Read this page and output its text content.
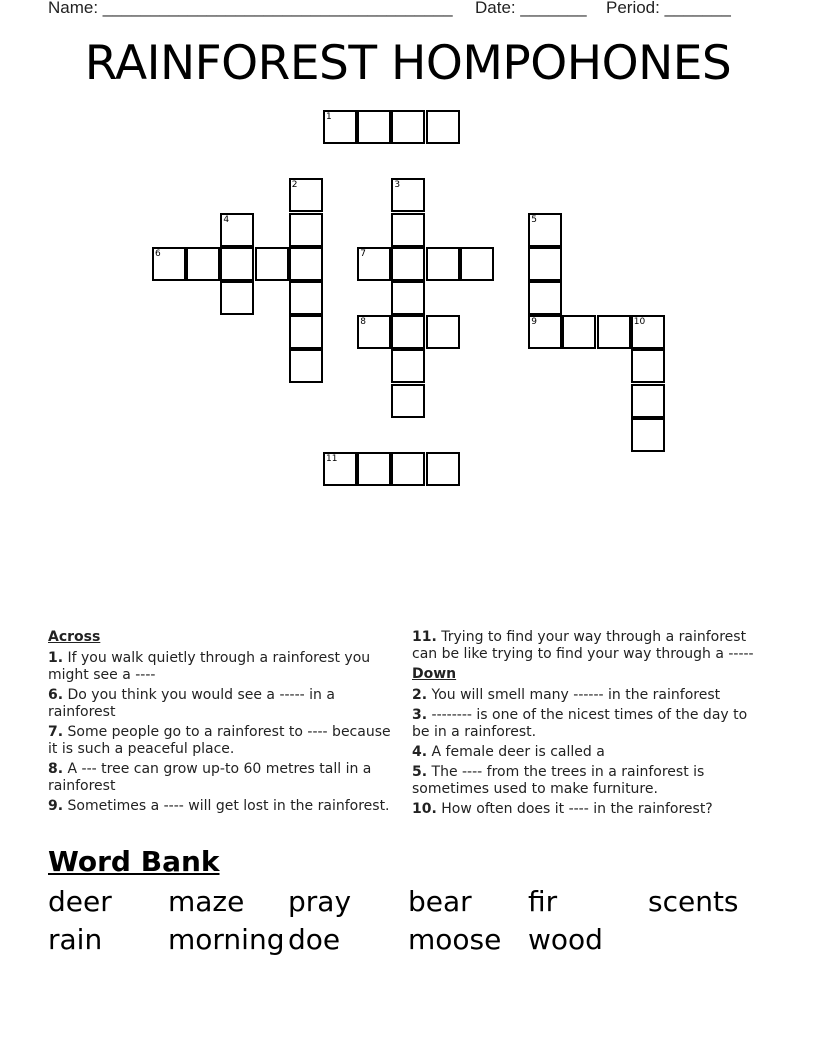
Name: _____________________________________ Date: _______ Period: _______
RAINFOREST HOMPOHONES
1
2	3
4	5
6	7
8	9	10
11
Across
1. If you walk quietly through a rainforest you might see a ----
6. Do you think you would see a ----- in a rainforest
7. Some people go to a rainforest to ---- because it is such a peaceful place.
8. A --- tree can grow up-to 60 metres tall in a rainforest
9. Sometimes a ---- will get lost in the rainforest.
11. Trying to find your way through a rainforest can be like trying to find your way through a -----
Down
2. You will smell many ------ in the rainforest
3. -------- is one of the nicest times of the day to be in a rainforest.
4. A female deer is called a
5. The ---- from the trees in a rainforest is sometimes used to make furniture.
10. How often does it ---- in the rainforest?
Word Bank
deer maze pray bear fir	scents
rain morning doe moose wood
